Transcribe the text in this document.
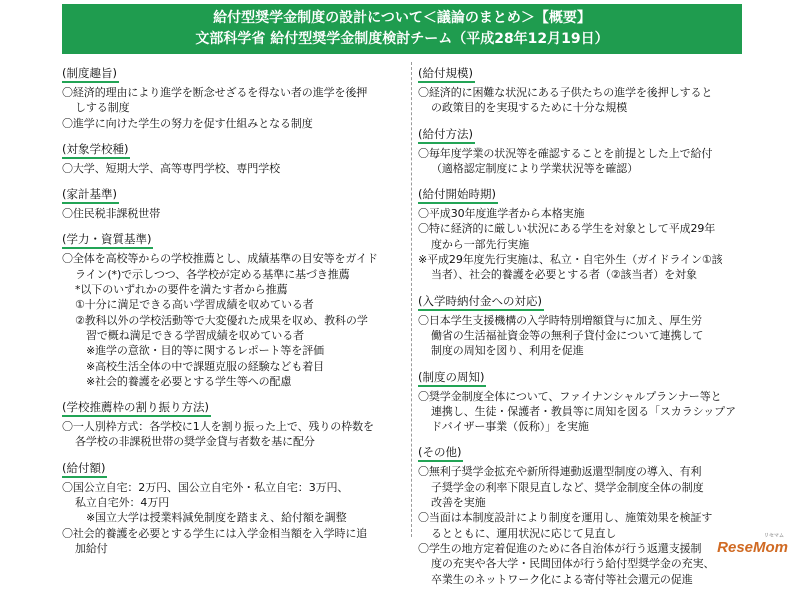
給付型奨学金制度の設計について＜議論のまとめ＞【概要】
文部科学省 給付型奨学金制度検討チーム（平成28年12月19日）
(制度趣旨)
〇経済的理由により進学を断念せざるを得ない者の進学を後押
しする制度
〇進学に向けた学生の努力を促す仕組みとなる制度
(対象学校種)
〇大学、短期大学、高等専門学校、専門学校
(家計基準)
〇住民税非課税世帯
(学力・資質基準)
〇全体を高校等からの学校推薦とし、成績基準の目安等をガイド
ライン(*)で示しつつ、各学校が定める基準に基づき推薦
*以下のいずれかの要件を満たす者から推薦
①十分に満足できる高い学習成績を収めている者
②教科以外の学校活動等で大変優れた成果を収め、教科の学
習で概ね満足できる学習成績を収めている者
※進学の意欲・目的等に関するレポート等を評価
※高校生活全体の中で課題克服の経験なども着目
※社会的養護を必要とする学生等への配慮
(学校推薦枠の割り振り方法)
〇一人別枠方式：各学校に1人を割り振った上で、残りの枠数を
各学校の非課税世帯の奨学金貸与者数を基に配分
(給付額)
〇国公立自宅：2万円、国公立自宅外・私立自宅：3万円、
私立自宅外：4万円
※国立大学は授業料減免制度を踏まえ、給付額を調整
〇社会的養護を必要とする学生には入学金相当額を入学時に追
加給付
(給付規模)
〇経済的に困難な状況にある子供たちの進学を後押しすると
の政策目的を実現するために十分な規模
(給付方法)
〇毎年度学業の状況等を確認することを前提とした上で給付
（適格認定制度により学業状況等を確認）
(給付開始時期)
〇平成30年度進学者から本格実施
〇特に経済的に厳しい状況にある学生を対象として平成29年
度から一部先行実施
※平成29年度先行実施は、私立・自宅外生（ガイドライン①該
当者）、社会的養護を必要とする者（②該当者）を対象
(入学時納付金への対応)
〇日本学生支援機構の入学時特別増額貸与に加え、厚生労
働省の生活福祉資金等の無利子貸付金について連携して
制度の周知を図り、利用を促進
(制度の周知)
〇奨学金制度全体について、ファイナンシャルプランナー等と
連携し、生徒・保護者・教員等に周知を図る「スカラシップア
ドバイザー事業（仮称）」を実施
(その他)
〇無利子奨学金拡充や新所得連動返還型制度の導入、有利
子奨学金の利率下限見直しなど、奨学金制度全体の制度
改善を実施
〇当面は本制度設計により制度を運用し、施策効果を検証す
るとともに、運用状況に応じて見直し
〇学生の地方定着促進のために各自治体が行う返還支援制
度の充実や各大学・民間団体が行う給付型奨学金の充実、
卒業生のネットワーク化による寄付等社会還元の促進
リセマム
ReseMom
